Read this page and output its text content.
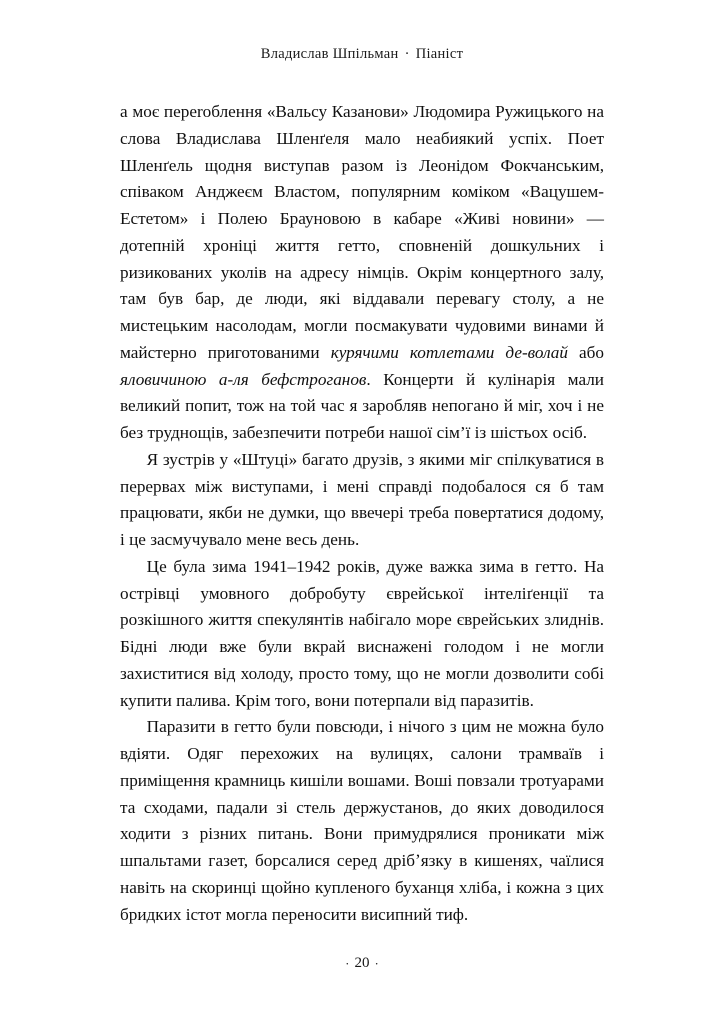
Владислав Шпільман · Піаніст

а моє переroблення «Вальсу Казанови» Людомира Ружицького на слова Владислава Шленґеля мало неабиякий успіх. Поет Шленґель щодня виступав разом із Леонідом Фокчанським, співаком Анджеєм Властом, популярним коміком «Вацушем-Естетом» і Полею Брауновою в кабаре «Живі новини» — дотепній хроніці життя гетто, сповненій дошкульних і ризикованих уколів на адресу німців. Окрім концертного залу, там був бар, де люди, які віддавали перевагу столу, а не мистецьким насолодам, могли посмакувати чудовими винами й майстерно приготованими курячими котлетами де-волай або яловичиною а-ля бефстроганов. Концерти й кулінарія мали великий попит, тож на той час я заробляв непогано й міг, хоч і не без труднощів, забезпечити потреби нашої сім’ї із шістьох осіб.

Я зустрів у «Штуці» багато друзів, з якими міг спілкуватися в перервах між виступами, і мені справді подобалося ся б там працювати, якби не думки, що ввечері треба повертатися додому, і це засмучувало мене весь день.

Це була зима 1941–1942 років, дуже важка зима в гетто. На острівці умовного добробуту єврейської інтеліґенції та розкішного життя спекулянтів набігало море єврейських злиднів. Бідні люди вже були вкрай виснажені голодом і не могли захиститися від холоду, просто тому, що не могли дозволити собі купити палива. Крім того, вони потерпали від паразитів.

Паразити в гетто були повсюди, і нічого з цим не можна було вдіяти. Одяг перехожих на вулицях, салони трамваїв і приміщення крамниць кишіли вошами. Воші повзали тротуарами та сходами, падали зі стель держустанов, до яких доводилося ходити з різних питань. Вони примудрялися проникати між шпальтами газет, борсалися серед дрібʼязку в кишенях, чаїлися навіть на скоринці щойно купленого буханця хліба, і кожна з цих бридких істот могла переносити висипний тиф.

· 20 ·
